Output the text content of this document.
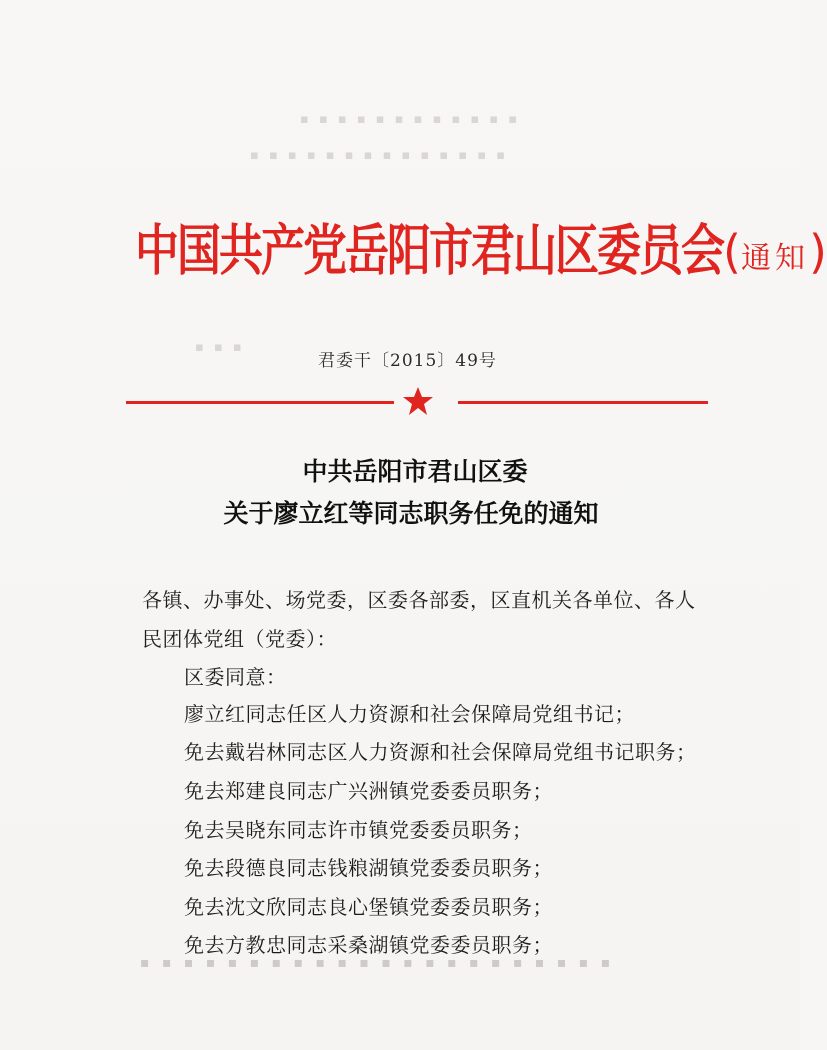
▪ ▪ ▪ ▪ ▪ ▪ ▪ ▪ ▪ ▪ ▪ ▪
▪ ▪ ▪ ▪ ▪ ▪ ▪ ▪ ▪ ▪ ▪ ▪ ▪ ▪
▪ ▪ ▪
▪ ▪ ▪ ▪ ▪ ▪ ▪ ▪ ▪ ▪ ▪ ▪ ▪ ▪ ▪ ▪ ▪ ▪ ▪ ▪ ▪ ▪
中国共产党岳阳市君山区委员会(通知)
君委干〔2015〕49号
中共岳阳市君山区委
关于廖立红等同志职务任免的通知
各镇、办事处、场党委，区委各部委，区直机关各单位、各人
民团体党组（党委）：
区委同意：
廖立红同志任区人力资源和社会保障局党组书记；
免去戴岩林同志区人力资源和社会保障局党组书记职务；
免去郑建良同志广兴洲镇党委委员职务；
免去吴晓东同志许市镇党委委员职务；
免去段德良同志钱粮湖镇党委委员职务；
免去沈文欣同志良心堡镇党委委员职务；
免去方教忠同志采桑湖镇党委委员职务；
